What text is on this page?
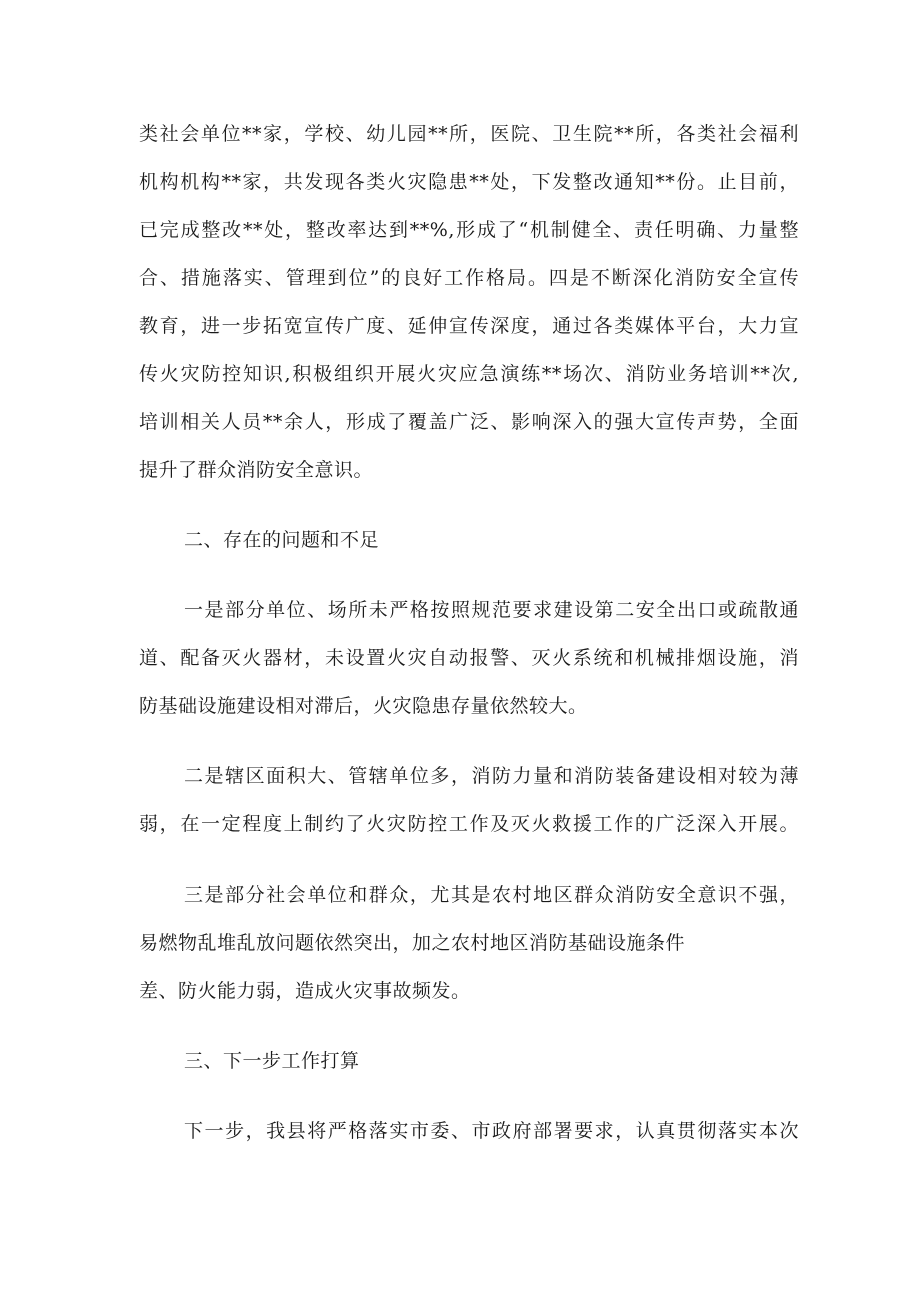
类社会单位**家，学校、幼儿园**所，医院、卫生院**所，各类社会福利
机构机构**家，共发现各类火灾隐患**处，下发整改通知**份。止目前，
已完成整改**处，整改率达到**%,形成了“机制健全、责任明确、力量整
合、措施落实、管理到位”的良好工作格局。四是不断深化消防安全宣传
教育，进一步拓宽宣传广度、延伸宣传深度，通过各类媒体平台，大力宣
传火灾防控知识,积极组织开展火灾应急演练**场次、消防业务培训**次,
培训相关人员**余人，形成了覆盖广泛、影响深入的强大宣传声势，全面
提升了群众消防安全意识。
二、存在的问题和不足
一是部分单位、场所未严格按照规范要求建设第二安全出口或疏散通
道、配备灭火器材，未设置火灾自动报警、灭火系统和机械排烟设施，消
防基础设施建设相对滞后，火灾隐患存量依然较大。
二是辖区面积大、管辖单位多，消防力量和消防装备建设相对较为薄
弱，在一定程度上制约了火灾防控工作及灭火救援工作的广泛深入开展。
三是部分社会单位和群众，尤其是农村地区群众消防安全意识不强，
易燃物乱堆乱放问题依然突出，加之农村地区消防基础设施条件
差、防火能力弱，造成火灾事故频发。
三、下一步工作打算
下一步，我县将严格落实市委、市政府部署要求，认真贯彻落实本次
